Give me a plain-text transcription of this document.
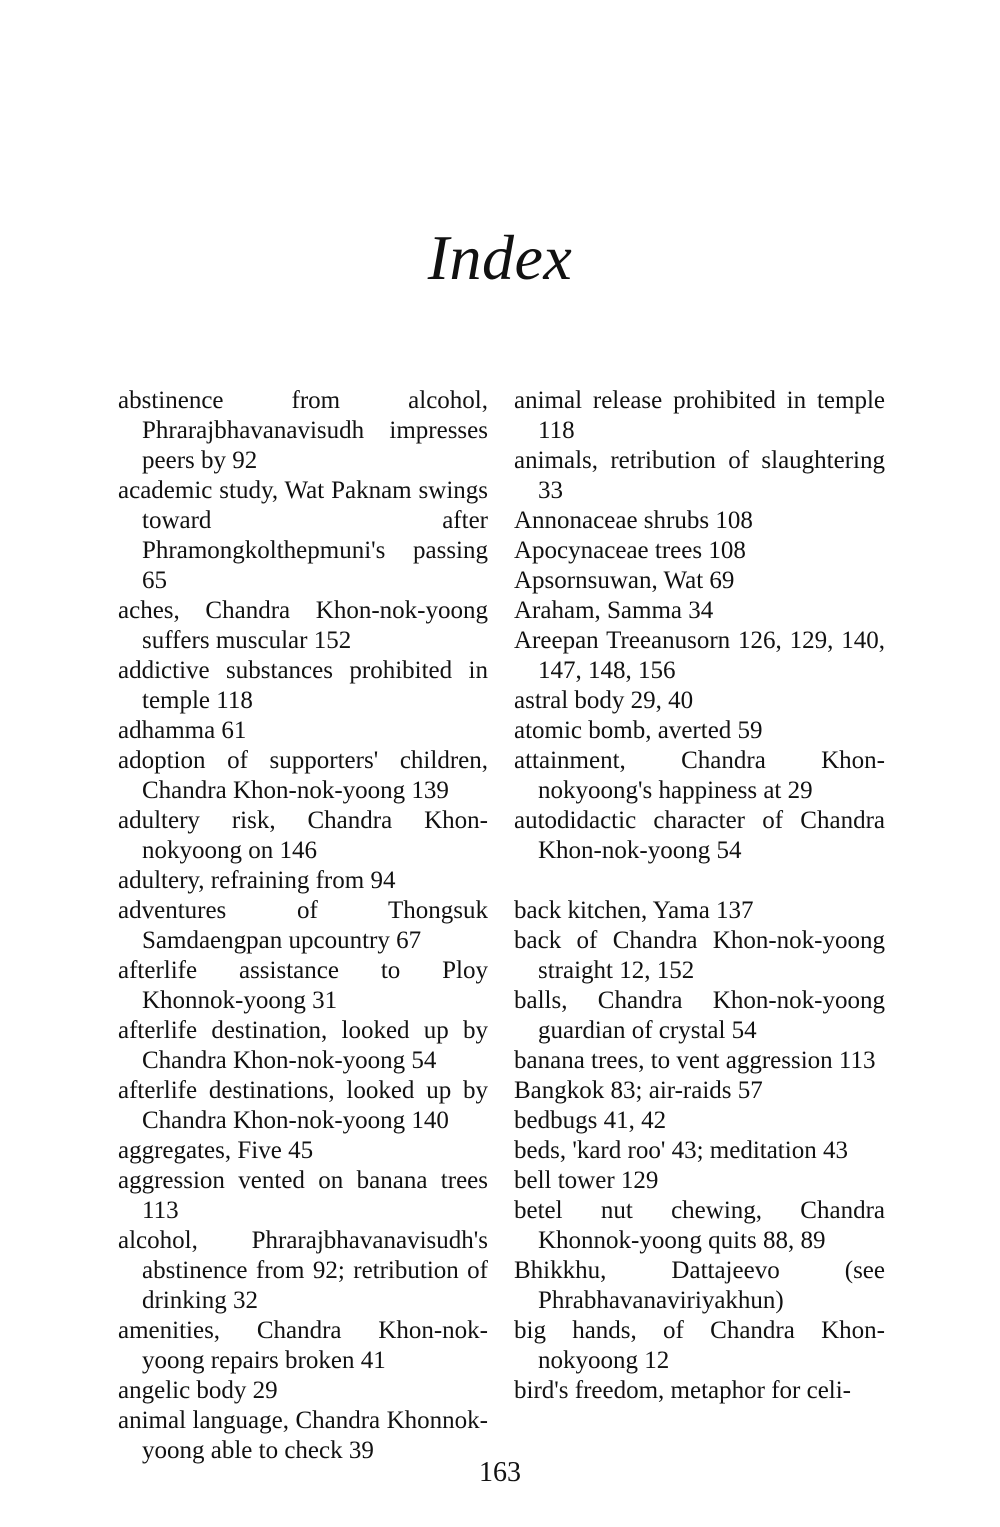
Index

abstinence from alcohol, Phrarajbhavanavisudh impresses peers by 92

academic study, Wat Paknam swings toward after Phramongkolthepmuni's passing 65

aches, Chandra Khon-nok-yoong suffers muscular 152

addictive substances prohibited in temple 118

adhamma 61

adoption of supporters' children, Chandra Khon-nok-yoong 139

adultery risk, Chandra Khon-nokyoong on 146

adultery, refraining from 94

adventures of Thongsuk Samdaengpan upcountry 67

afterlife assistance to Ploy Khonnok-yoong 31

afterlife destination, looked up by Chandra Khon-nok-yoong 54

afterlife destinations, looked up by Chandra Khon-nok-yoong 140

aggregates, Five 45

aggression vented on banana trees 113

alcohol, Phrarajbhavanavisudh's abstinence from 92; retribution of drinking 32

amenities, Chandra Khon-nok-yoong repairs broken 41

angelic body 29

animal language, Chandra Khonnok-yoong able to check 39

animal release prohibited in temple 118

animals, retribution of slaughtering 33

Annonaceae shrubs 108

Apocynaceae trees 108

Apsornsuwan, Wat 69

Araham, Samma 34

Areepan Treeanusorn 126, 129, 140, 147, 148, 156

astral body 29, 40

atomic bomb, averted 59

attainment, Chandra Khon-nokyoong's happiness at 29

autodidactic character of Chandra Khon-nok-yoong 54

back kitchen, Yama 137

back of Chandra Khon-nok-yoong straight 12, 152

balls, Chandra Khon-nok-yoong guardian of crystal 54

banana trees, to vent aggression 113

Bangkok 83; air-raids 57

bedbugs 41, 42

beds, 'kard roo' 43; meditation 43

bell tower 129

betel nut chewing, Chandra Khonnok-yoong quits 88, 89

Bhikkhu, Dattajeevo (see Phrabhavanaviriyakhun)

big hands, of Chandra Khon-nokyoong 12

bird's freedom, metaphor for celi-

163
